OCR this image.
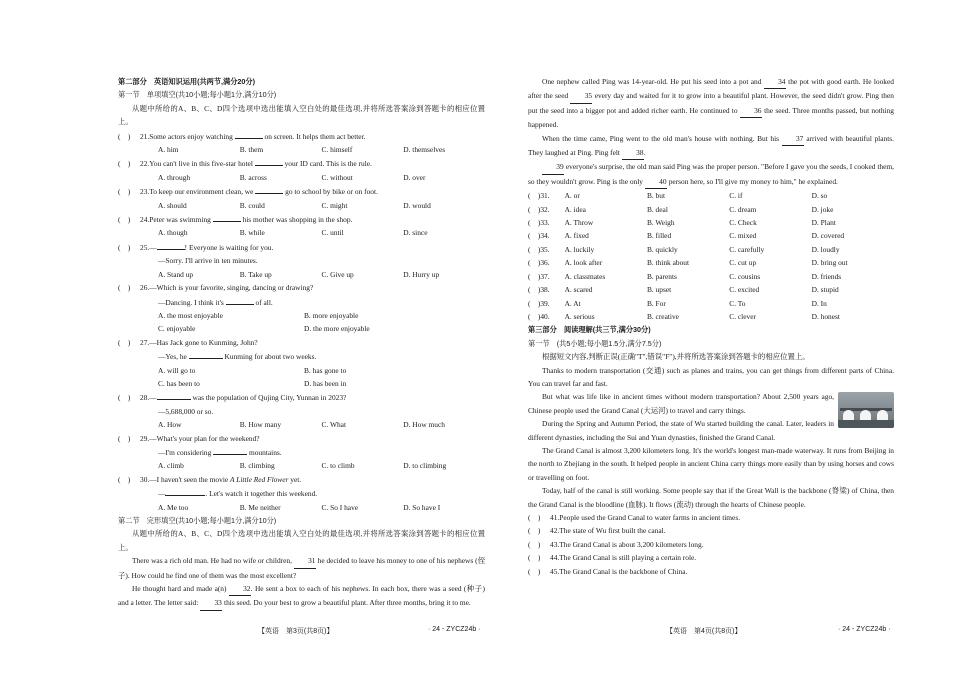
第二部分　英语知识运用(共两节,满分20分)
第一节　单项填空(共10小题;每小题1分,满分10分)
从题中所给的A、B、C、D四个选项中选出能填入空白处的最佳选项,并将所选答案涂到答题卡的相应位置上。
(　) 21.Some actors enjoy watching	on screen. It helps them act better.
A. him	B. them	C. himself	D. themselves
(　) 22.You can't live in this five-star hotel	your ID card. This is the rule.
A. through	B. across	C. without	D. over
(　) 23.To keep our environment clean, we	go to school by bike or on foot.
A. should	B. could	C. might	D. would
(　) 24.Peter was swimming	his mother was shopping in the shop.
A. though	B. while	C. until	D. since
(　) 25.—	! Everyone is waiting for you.
—Sorry. I'll arrive in ten minutes.
A. Stand up	B. Take up	C. Give up	D. Hurry up
(　) 26.—Which is your favorite, singing, dancing or drawing?
—Dancing. I think it's	of all.
A. the most enjoyable	B. more enjoyable
C. enjoyable	D. the more enjoyable
(　) 27.—Has Jack gone to Kunming, John?
—Yes, he	Kunming for about two weeks.
A. will go to	B. has gone to
C. has been to	D. has been in
(　) 28.—	was the population of Qujing City, Yunnan in 2023?
—5,688,000 or so.
A. How	B. How many	C. What	D. How much
(　) 29.—What's your plan for the weekend?
—I'm considering	mountains.
A. climb	B. climbing	C. to climb	D. to climbing
(　) 30.—I haven't seen the movie A Little Red Flower yet.
—	. Let's watch it together this weekend.
A. Me too	B. Me neither	C. So I have	D. So have I
第二节　完形填空(共10小题;每小题1分,满分10分)
从题中所给的A、B、C、D四个选项中选出能填入空白处的最佳选项,并将所选答案涂到答题卡的相应位置上。
There was a rich old man. He had no wife or children, 31 he decided to leave his money to one of his nephews (侄子). How could he find one of them was the most excellent?
He thought hard and made a(n) 32. He sent a box to each of his nephews. In each box, there was a seed (种子) and a letter. The letter said: 33 this seed. Do your best to grow a beautiful plant. After three months, bring it to me.
【英语　第3页(共8页)】	· 24 - ZYCZ24b ·
One nephew called Ping was 14-year-old. He put his seed into a pot and 34 the pot with good earth. He looked after the seed 35 every day and waited for it to grow into a beautiful plant. However, the seed didn't grow. Ping then put the seed into a bigger pot and added richer earth. He continued to 36 the seed. Three months passed, but nothing happened.
When the time came, Ping went to the old man's house with nothing. But his 37 arrived with beautiful plants. They laughed at Ping. Ping felt 38.
39 everyone's surprise, the old man said Ping was the proper person. "Before I gave you the seeds, I cooked them, so they wouldn't grow. Ping is the only 40 person here, so I'll give my money to him," he explained.
(　)31.	A. or	B. but	C. if	D. so
(　)32.	A. idea	B. deal	C. dream	D. joke
(　)33.	A. Throw	B. Weigh	C. Check	D. Plant
(　)34.	A. fixed	B. filled	C. mixed	D. covered
(　)35.	A. luckily	B. quickly	C. carefully	D. loudly
(　)36.	A. look after	B. think about	C. cut up	D. bring out
(　)37.	A. classmates	B. parents	C. cousins	D. friends
(　)38.	A. scared	B. upset	C. excited	D. stupid
(　)39.	A. At	B. For	C. To	D. In
(　)40.	A. serious	B. creative	C. clever	D. honest
第三部分　阅读理解(共三节,满分30分)
第一节　(共5小题;每小题1.5分,满分7.5分)
根据短文内容,判断正误(正确"T",错误"F"),并将所选答案涂到答题卡的相应位置上。
Thanks to modern transportation (交通) such as planes and trains, you can get things from different parts of China. You can travel far and fast.
But what was life like in ancient times without modern transportation? About 2,500 years ago, Chinese people used the Grand Canal (大运河) to travel and carry things.
During the Spring and Autumn Period, the state of Wu started building the canal. Later, leaders in different dynasties, including the Sui and Yuan dynasties, finished the Grand Canal.
The Grand Canal is almost 3,200 kilometers long. It's the world's longest man-made waterway. It runs from Beijing in the north to Zhejiang in the south. It helped people in ancient China carry things more easily than by using horses and cows or travelling on foot.
Today, half of the canal is still working. Some people say that if the Great Wall is the backbone (脊梁) of China, then the Grand Canal is the bloodline (血脉). It flows (流动) through the hearts of Chinese people.
(　) 41.People used the Grand Canal to water farms in ancient times.
(　) 42.The state of Wu first built the canal.
(　) 43.The Grand Canal is about 3,200 kilometers long.
(　) 44.The Grand Canal is still playing a certain role.
(　) 45.The Grand Canal is the backbone of China.
【英语　第4页(共8页)】	· 24 - ZYCZ24b ·
